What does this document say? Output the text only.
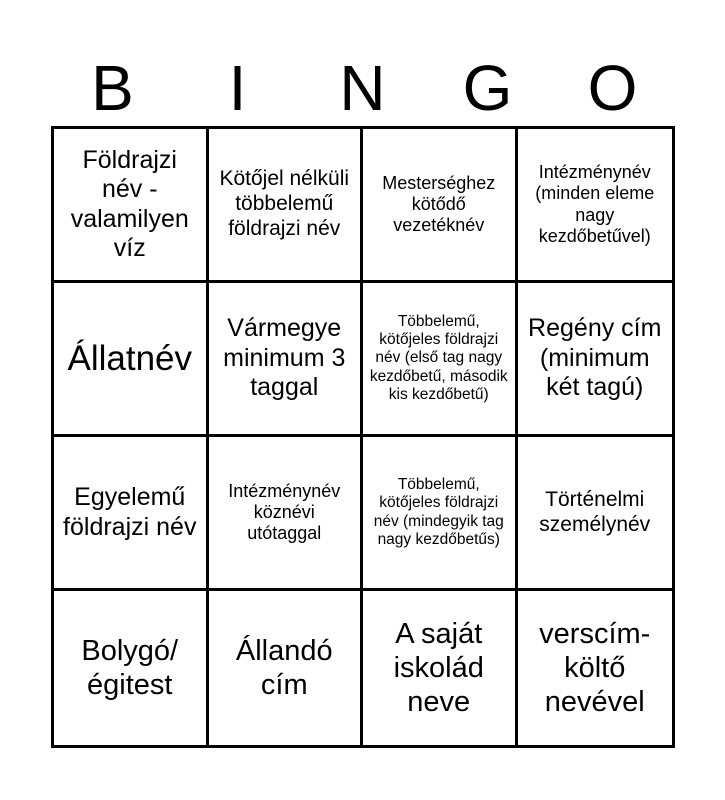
B	I	N	G	O
Földrajzi név - valamilyen víz
Kötőjel nélküli többelemű földrajzi név
Mesterséghez kötődő vezetéknév
Intézménynév (minden eleme nagy kezdőbetűvel)
Állatnév
Vármegye minimum 3 taggal
Többelemű, kötőjeles földrajzi név (első tag nagy kezdőbetű, második kis kezdőbetű)
Regény cím (minimum két tagú)
Egyelemű földrajzi név
Intézménynév köznévi utótaggal
Többelemű, kötőjeles földrajzi név (mindegyik tag nagy kezdőbetűs)
Történelmi személynév
Bolygó/ égitest
Állandó cím
A saját iskolád neve
verscím-költő nevével
